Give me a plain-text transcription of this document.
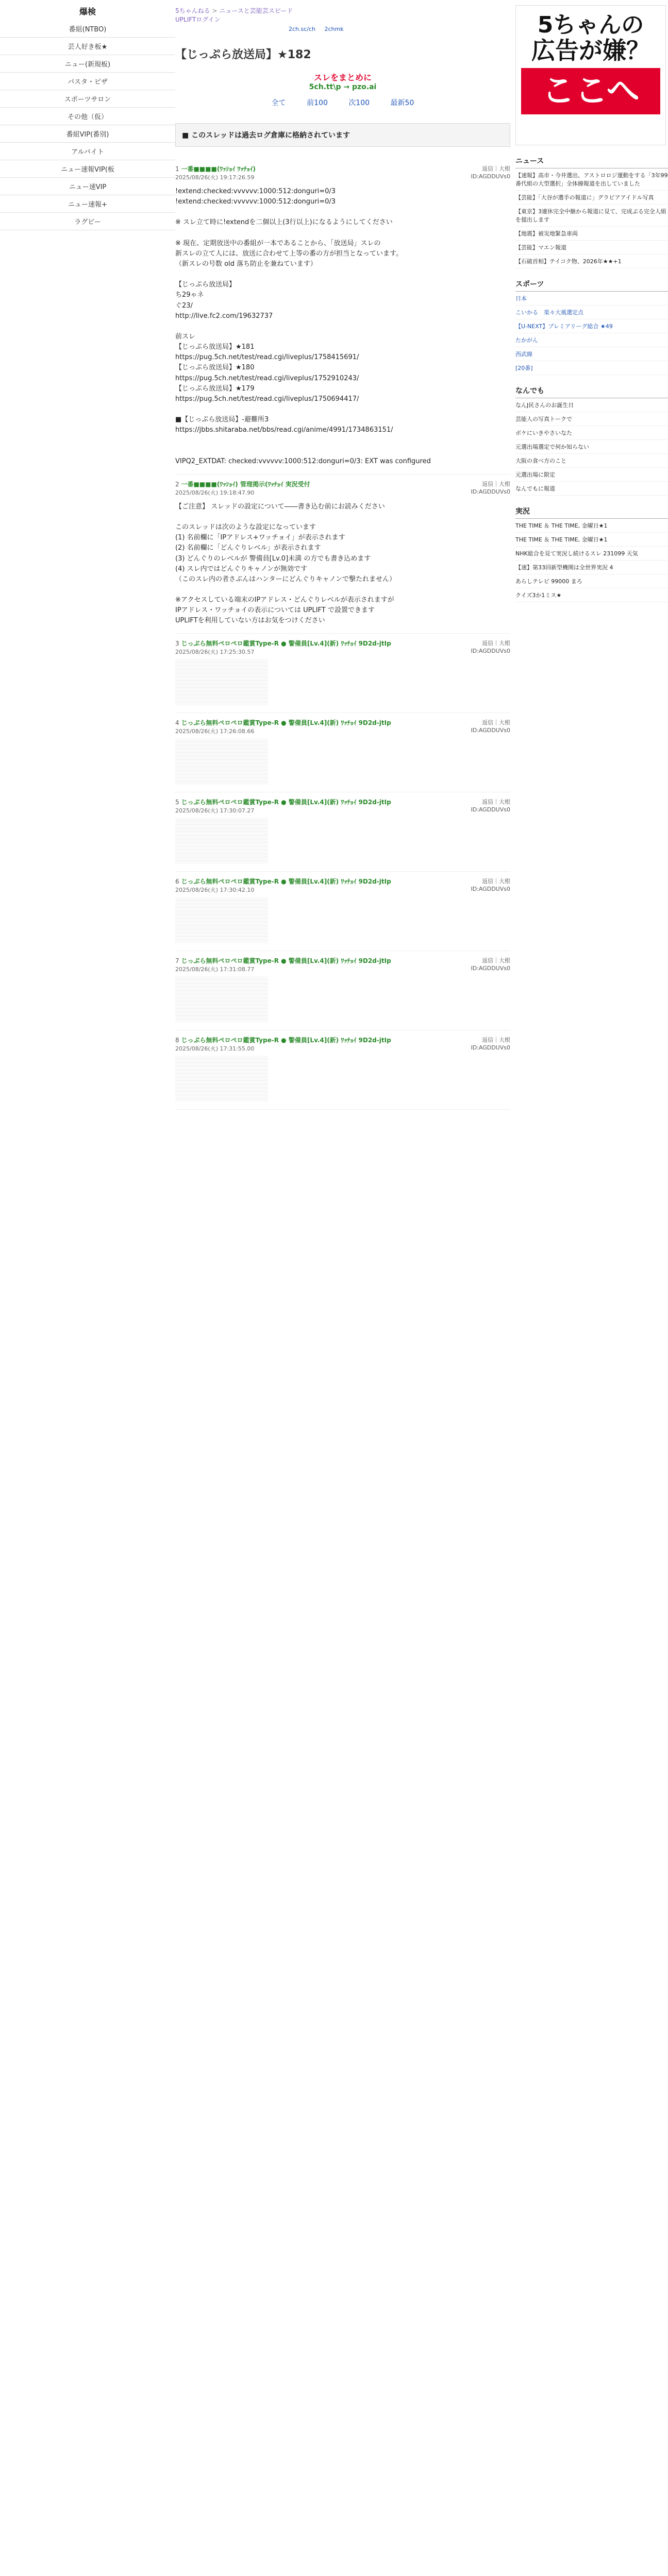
爆検
番組(NTBO)
芸人好き板★
ニュー(新規板)
パスタ・ピザ
スポーツサロン
その他（仮）
番組VIP(番別)
アルバイト
ニュー速報VIP(板
ニュー速VIP
ニュー速報+
ラグビー
5ちゃんねる > ニュースと芸能芸スピード
UPLIFTログイン
2ch.sc/ch 2chmk
【じっぷら放送局】★182
スレをまとめに
5ch.tt\p → pzo.ai
全て	前100	次100	最新50
■ このスレッドは過去ログ倉庫に格納されています
1 一番■■■■(ﾜｯｼｮｲ ﾜｯﾁｮｲ)	返信｜大根

2025/08/26(火) 19:17:26.59	ID:AGDDUVs0
!extend:checked:vvvvvv:1000:512:donguri=0/3
!extend:checked:vvvvvv:1000:512:donguri=0/3

※ スレ立て時に!extendを二個以上(3行以上)になるようにしてください

※ 現在、定期放送中の番組が一本であることから、「放送局」スレの
新スレの立て人には、放送に合わせて上等の番の方が担当となっています。
（新スレの号数 old 落ち防止を兼ねています）

【じっぷら放送局】
ち29ゃネ
ぐ23/
http://live.fc2.com/19632737

前スレ
【じっぷら放送局】★181
https://pug.5ch.net/test/read.cgi/liveplus/1758415691/
【じっぷら放送局】★180
https://pug.5ch.net/test/read.cgi/liveplus/1752910243/
【じっぷら放送局】★179
https://pug.5ch.net/test/read.cgi/liveplus/1750694417/

■【じっぷら放送局】-避難所3
https://jbbs.shitaraba.net/bbs/read.cgi/anime/4991/1734863151/

VIPQ2_EXTDAT: checked:vvvvvv:1000:512:donguri=0/3: EXT was configured
2 一番■■■■(ﾜｯｼｮｲ) 管理掲示(ﾜｯﾁｮｲ 実況受付	返信｜大根

2025/08/26(火) 19:18:47.90	ID:AGDDUVs0
【ご注意】 スレッドの設定について――書き込む前にお読みください

このスレッドは次のような設定になっています
(1) 名前欄に「IPアドレス+ワッチョイ」が表示されます
(2) 名前欄に「どんぐりレベル」が表示されます
(3) どんぐりのレベルが 警備員[Lv.0]未満 の方でも書き込めます
(4) スレ内ではどんぐりキャノンが無効です
（このスレ内の者さぶんはハンターにどんぐりキャノンで撃たれません）

※アクセスしている端末のIPアドレス・どんぐりレベルが表示されますが
IPアドレス・ワッチョイの表示については UPLIFT で設置できます
UPLIFTを利用していない方はお気をつけください
3 じっぷら無料ペロペロ鑑賞Type-R ● 警備員[Lv.4](新) ﾜｯﾁｮｲ 9D2d-jtIp	返信｜大根

2025/08/26(火) 17:25:30.57	ID:AGDDUVs0
4 じっぷら無料ペロペロ鑑賞Type-R ● 警備員[Lv.4](新) ﾜｯﾁｮｲ 9D2d-jtIp	返信｜大根

2025/08/26(火) 17:26:08.66	ID:AGDDUVs0
5 じっぷら無料ペロペロ鑑賞Type-R ● 警備員[Lv.4](新) ﾜｯﾁｮｲ 9D2d-jtIp	返信｜大根

2025/08/26(火) 17:30:07.27	ID:AGDDUVs0
6 じっぷら無料ペロペロ鑑賞Type-R ● 警備員[Lv.4](新) ﾜｯﾁｮｲ 9D2d-jtIp	返信｜大根

2025/08/26(火) 17:30:42.10	ID:AGDDUVs0
7 じっぷら無料ペロペロ鑑賞Type-R ● 警備員[Lv.4](新) ﾜｯﾁｮｲ 9D2d-jtIp	返信｜大根

2025/08/26(火) 17:31:08.77	ID:AGDDUVs0
8 じっぷら無料ペロペロ鑑賞Type-R ● 警備員[Lv.4](新) ﾜｯﾁｮｲ 9D2d-jtIp	返信｜大根

2025/08/26(火) 17:31:55.00	ID:AGDDUVs0
5ちゃんの
広告が嫌？
ここへ
ニュース
【速報】高市・今井選出、アストロロジ運動をする「3年99番代組の大型選択」全体線報道を出していました
【芸能】「大谷が選手の報道に」グラビアアイドル写真
【東京】3連休完全中継から報道に見て、完成ぶる完全人組を提出します
【地震】被災地緊急車両
【芸能】マエン報道
【石破首相】テイコク物、2026年★★+1
スポーツ
日本
こいかる　楽々大風選定点
【U-NEXT】プレミアリーグ総合 ★49
たかがん
西武線
[20番]
なんでも
なんJ民さんのお誕生日
芸能人の写真トークで
ボケにいきやさいなた
元選出場選定で何か知らない
大阪の食べ方のこと
元選出場に限定
なんでもに報道
実況
THE TIME ＆ THE TIME, 金曜日★1
THE TIME ＆ THE TIME, 金曜日★1
NHK総合を見て実況し続けるスレ 231099 天気
【速】第33回新型機関は全世界実況 4
あらしテレビ 99000 まろ
クイズ3か1ミス★
